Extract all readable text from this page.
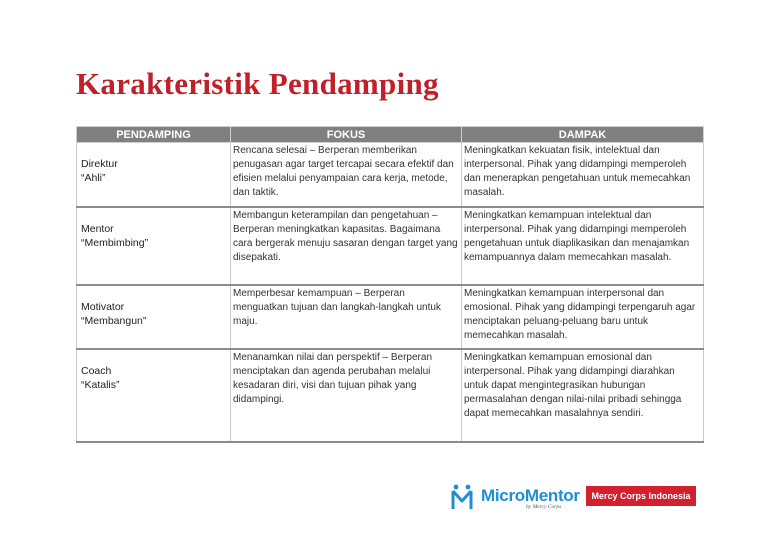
Karakteristik Pendamping
PENDAMPING	FOKUS	DAMPAK

Direktur
“Ahli”	Rencana selesai – Berperan memberikan penugasan agar target tercapai secara efektif dan efisien melalui penyampaian cara kerja, metode, dan taktik.	Meningkatkan kekuatan fisik, intelektual dan interpersonal. Pihak yang didampingi memperoleh dan menerapkan pengetahuan untuk memecahkan masalah.

Mentor
“Membimbing”	Membangun keterampilan dan pengetahuan – Berperan meningkatkan kapasitas. Bagaimana cara bergerak menuju sasaran dengan target yang disepakati.	Meningkatkan kemampuan intelektual dan interpersonal. Pihak yang didampingi memperoleh pengetahuan untuk diaplikasikan dan menajamkan kemampuannya dalam memecahkan masalah.

Motivator
“Membangun”	Memperbesar kemampuan – Berperan menguatkan tujuan dan langkah-langkah untuk maju.	Meningkatkan kemampuan interpersonal dan emosional. Pihak yang didampingi terpengaruh agar menciptakan peluang-peluang baru untuk memecahkan masalah.

Coach
“Katalis”	Menanamkan nilai dan perspektif – Berperan menciptakan dan agenda perubahan melalui kesadaran diri, visi dan tujuan pihak yang didampingi.	Meningkatkan kemampuan emosional dan interpersonal. Pihak yang didampingi diarahkan untuk dapat mengintegrasikan hubungan permasalahan dengan nilai-nilai pribadi sehingga dapat memecahkan masalahnya sendiri.
MicroMentor
by Mercy Corps
Mercy Corps Indonesia
